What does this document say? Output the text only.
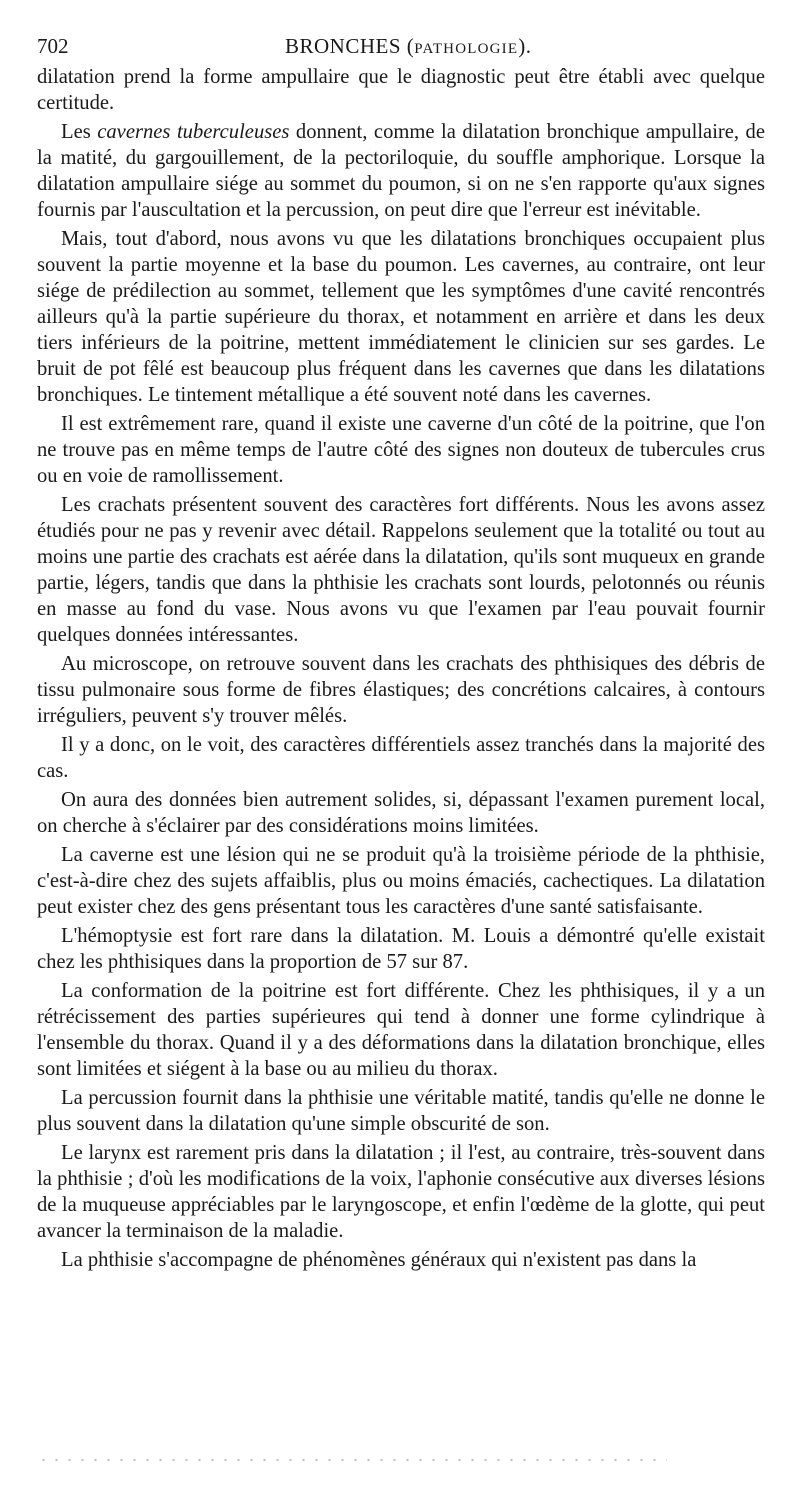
702	BRONCHES (PATHOLOGIE).

dilatation prend la forme ampullaire que le diagnostic peut être établi avec quelque certitude.

Les cavernes tuberculeuses donnent, comme la dilatation bronchique ampullaire, de la matité, du gargouillement, de la pectoriloquie, du souffle amphorique. Lorsque la dilatation ampullaire siége au sommet du poumon, si on ne s'en rapporte qu'aux signes fournis par l'auscultation et la percussion, on peut dire que l'erreur est inévitable.

Mais, tout d'abord, nous avons vu que les dilatations bronchiques occupaient plus souvent la partie moyenne et la base du poumon. Les cavernes, au contraire, ont leur siége de prédilection au sommet, tellement que les symptômes d'une cavité rencontrés ailleurs qu'à la partie supérieure du thorax, et notamment en arrière et dans les deux tiers inférieurs de la poitrine, mettent immédiatement le clinicien sur ses gardes. Le bruit de pot fêlé est beaucoup plus fréquent dans les cavernes que dans les dilatations bronchiques. Le tintement métallique a été souvent noté dans les cavernes.

Il est extrêmement rare, quand il existe une caverne d'un côté de la poitrine, que l'on ne trouve pas en même temps de l'autre côté des signes non douteux de tubercules crus ou en voie de ramollissement.

Les crachats présentent souvent des caractères fort différents. Nous les avons assez étudiés pour ne pas y revenir avec détail. Rappelons seulement que la totalité ou tout au moins une partie des crachats est aérée dans la dilatation, qu'ils sont muqueux en grande partie, légers, tandis que dans la phthisie les crachats sont lourds, pelotonnés ou réunis en masse au fond du vase. Nous avons vu que l'examen par l'eau pouvait fournir quelques données intéressantes.

Au microscope, on retrouve souvent dans les crachats des phthisiques des débris de tissu pulmonaire sous forme de fibres élastiques; des concrétions calcaires, à contours irréguliers, peuvent s'y trouver mêlés.

Il y a donc, on le voit, des caractères différentiels assez tranchés dans la majorité des cas.

On aura des données bien autrement solides, si, dépassant l'examen purement local, on cherche à s'éclairer par des considérations moins limitées.

La caverne est une lésion qui ne se produit qu'à la troisième période de la phthisie, c'est-à-dire chez des sujets affaiblis, plus ou moins émaciés, cachectiques. La dilatation peut exister chez des gens présentant tous les caractères d'une santé satisfaisante.

L'hémoptysie est fort rare dans la dilatation. M. Louis a démontré qu'elle existait chez les phthisiques dans la proportion de 57 sur 87.

La conformation de la poitrine est fort différente. Chez les phthisiques, il y a un rétrécissement des parties supérieures qui tend à donner une forme cylindrique à l'ensemble du thorax. Quand il y a des déformations dans la dilatation bronchique, elles sont limitées et siégent à la base ou au milieu du thorax.

La percussion fournit dans la phthisie une véritable matité, tandis qu'elle ne donne le plus souvent dans la dilatation qu'une simple obscurité de son.

Le larynx est rarement pris dans la dilatation ; il l'est, au contraire, très-souvent dans la phthisie ; d'où les modifications de la voix, l'aphonie consécutive aux diverses lésions de la muqueuse appréciables par le laryngoscope, et enfin l'œdème de la glotte, qui peut avancer la terminaison de la maladie.

La phthisie s'accompagne de phénomènes généraux qui n'existent pas dans la
